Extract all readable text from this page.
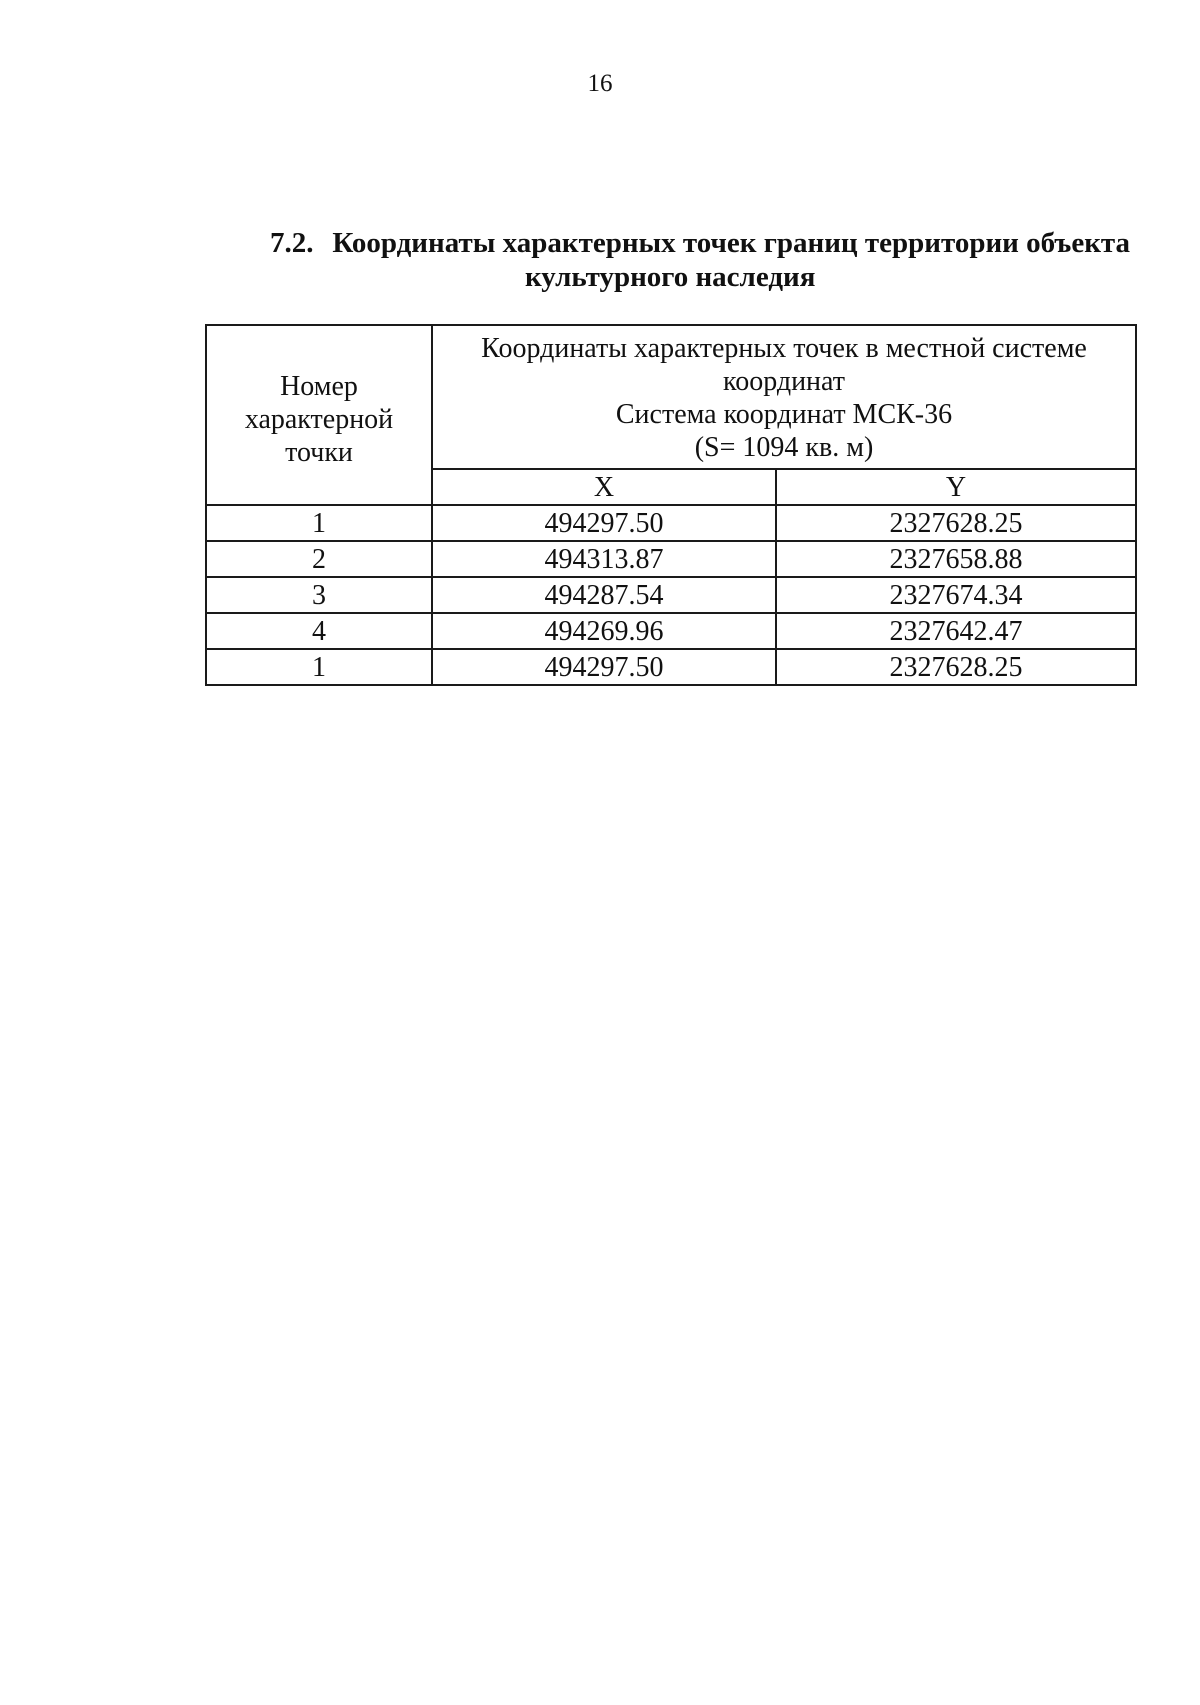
16
7.2. Координаты характерных точек границ территории объекта
культурного наследия
Номер
характерной
точки	Координаты характерных точек в местной системе
координат
Система координат МСК-36
(S= 1094 кв. м)	

	X	Y
1	494297.50	2327628.25
2	494313.87	2327658.88
3	494287.54	2327674.34
4	494269.96	2327642.47
1	494297.50	2327628.25
